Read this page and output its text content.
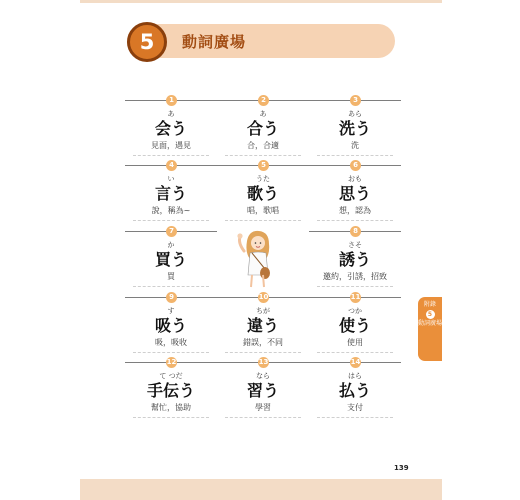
5	動詞廣場
1
あ
会う
見面，遇見
2
あ
合う
合，合適
3
あら
洗う
洗
4
い
言う
說，稱為~
5
うた
歌う
唱，歌唱
6
おも
思う
想，認為
7
か
買う
買
8
さそ
誘う
邀約，引誘，招致
9
す
吸う
吸，吸收
10
ちが
違う
錯誤，不同
11
つか
使う
使用
12
て つだ
手伝う
幫忙，協助
13
なら
習う
學習
14
はら
払う
支付
附錄
5
動詞廣場
139
